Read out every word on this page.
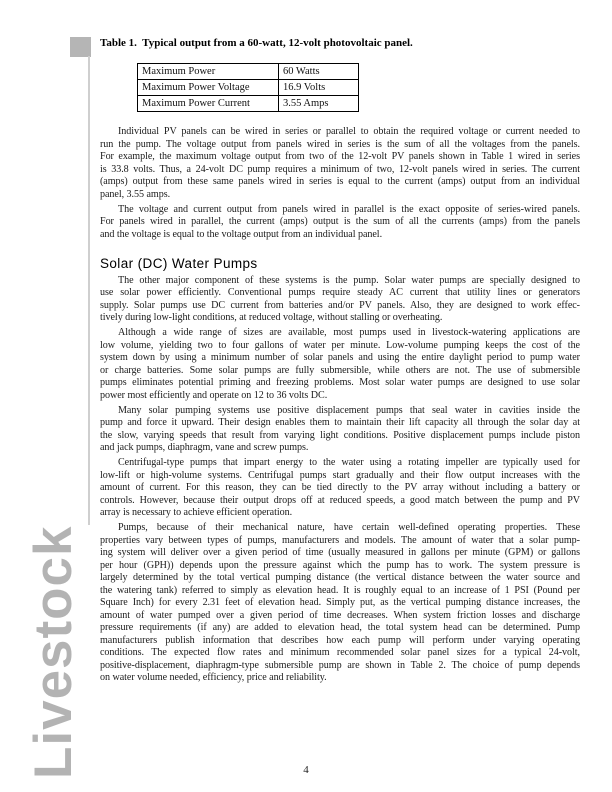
Livestock
Table 1.  Typical output from a 60-watt, 12-volt photovoltaic panel.
Maximum Power	60 Watts
Maximum Power Voltage	16.9 Volts
Maximum Power Current	3.55 Amps
Individual PV panels can be wired in series or parallel to obtain the required voltage or current needed to
run the pump. The voltage output from panels wired in series is the sum of all the voltages from the panels.
For example, the maximum voltage output from two of the 12-volt PV panels shown in Table 1 wired in series
is 33.8 volts. Thus, a 24-volt DC pump requires a minimum of two, 12-volt panels wired in series. The current
(amps) output from these same panels wired in series is equal to the current (amps) output from an individual
panel, 3.55 amps.
The voltage and current output from panels wired in parallel is the exact opposite of series-wired panels.
For panels wired in parallel, the current (amps) output is the sum of all the currents (amps) from the panels
and the voltage is equal to the voltage output from an individual panel.
Solar (DC) Water Pumps
The other major component of these systems is the pump. Solar water pumps are specially designed to
use solar power efficiently. Conventional pumps require steady AC current that utility lines or generators
supply. Solar pumps use DC current from batteries and/or PV panels. Also, they are designed to work effec-
tively during low-light conditions, at reduced voltage, without stalling or overheating.
Although a wide range of sizes are available, most pumps used in livestock-watering applications are
low volume, yielding two to four gallons of water per minute. Low-volume pumping keeps the cost of the
system down by using a minimum number of solar panels and using the entire daylight period to pump water
or charge batteries. Some solar pumps are fully submersible, while others are not. The use of submersible
pumps eliminates potential priming and freezing problems. Most solar water pumps are designed to use solar
power most efficiently and operate on 12 to 36 volts DC.
Many solar pumping systems use positive displacement pumps that seal water in cavities inside the
pump and force it upward. Their design enables them to maintain their lift capacity all through the solar day at
the slow, varying speeds that result from varying light conditions. Positive displacement pumps include piston
and jack pumps, diaphragm, vane and screw pumps.
Centrifugal-type pumps that impart energy to the water using a rotating impeller are typically used for
low-lift or high-volume systems. Centrifugal pumps start gradually and their flow output increases with the
amount of current. For this reason, they can be tied directly to the PV array without including a battery or
controls. However, because their output drops off at reduced speeds, a good match between the pump and PV
array is necessary to achieve efficient operation.
Pumps, because of their mechanical nature, have certain well-defined operating properties. These
properties vary between types of pumps, manufacturers and models. The amount of water that a solar pump-
ing system will deliver over a given period of time (usually measured in gallons per minute (GPM) or gallons
per hour (GPH)) depends upon the pressure against which the pump has to work. The system pressure is
largely determined by the total vertical pumping distance (the vertical distance between the water source and
the watering tank) referred to simply as elevation head. It is roughly equal to an increase of 1 PSI (Pound per
Square Inch) for every 2.31 feet of elevation head. Simply put, as the vertical pumping distance increases, the
amount of water pumped over a given period of time decreases. When system friction losses and discharge
pressure requirements (if any) are added to elevation head, the total system head can be determined. Pump
manufacturers publish information that describes how each pump will perform under varying operating
conditions. The expected flow rates and minimum recommended solar panel sizes for a typical 24-volt,
positive-displacement, diaphragm-type submersible pump are shown in Table 2. The choice of pump depends
on water volume needed, efficiency, price and reliability.
4
